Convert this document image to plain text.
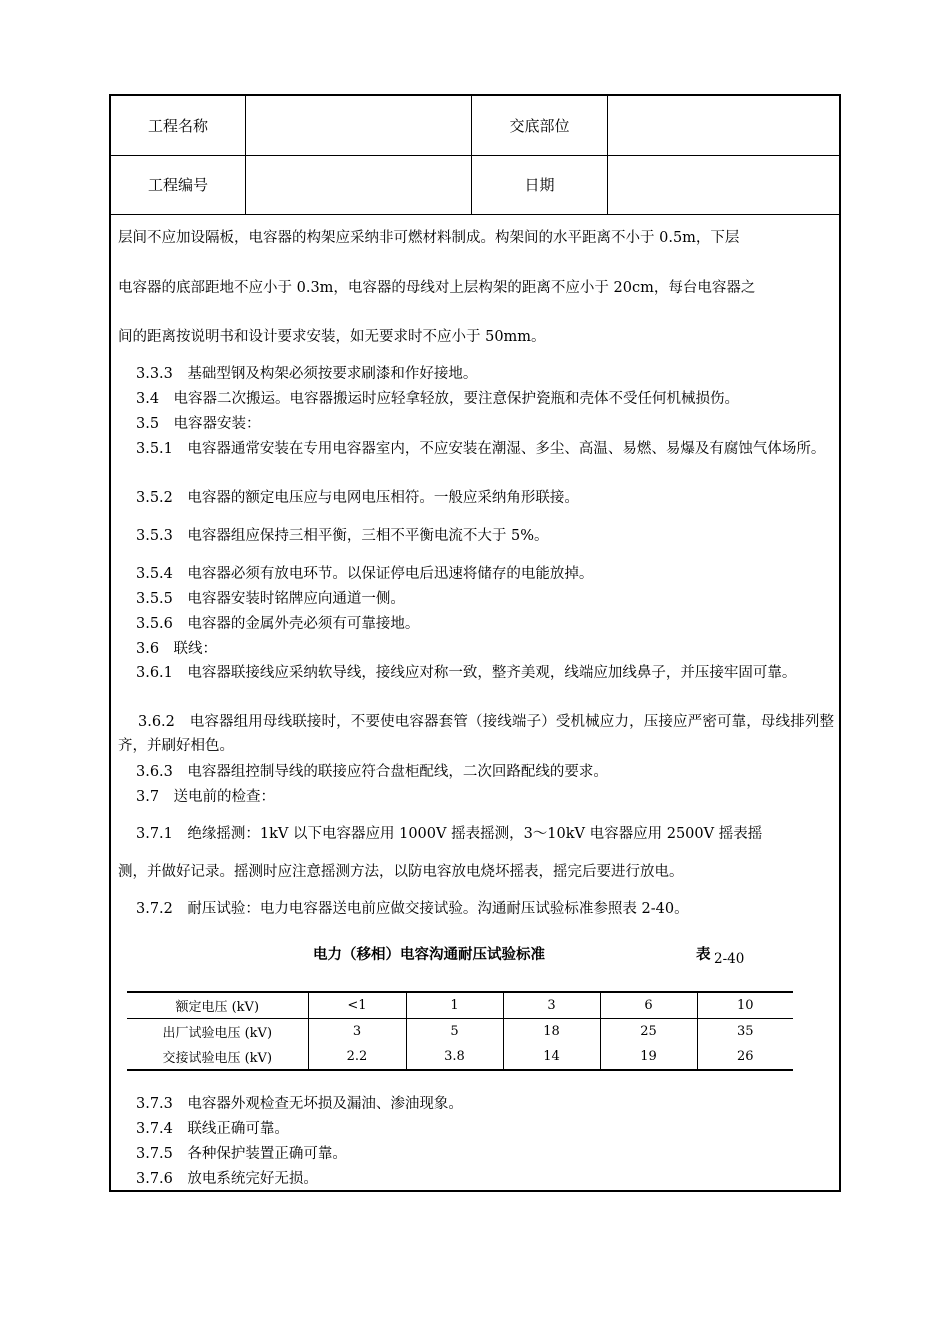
工程名称	交底部位
工程编号	日期

层间不应加设隔板，电容器的构架应采纳非可燃材料制成。构架间的水平距离不小于 0.5m，下层

电容器的底部距地不应小于 0.3m，电容器的母线对上层构架的距离不应小于 20cm，每台电容器之

间的距离按说明书和设计要求安装，如无要求时不应小于 50mm。

3.3.3　基础型钢及构架必须按要求刷漆和作好接地。

3.4　电容器二次搬运。电容器搬运时应轻拿轻放，要注意保护瓷瓶和壳体不受任何机械损伤。

3.5　电容器安装：

3.5.1　电容器通常安装在专用电容器室内，不应安装在潮湿、多尘、高温、易燃、易爆及有腐蚀气体场所。

3.5.2　电容器的额定电压应与电网电压相符。一般应采纳角形联接。

3.5.3　电容器组应保持三相平衡，三相不平衡电流不大于 5%。

3.5.4　电容器必须有放电环节。以保证停电后迅速将储存的电能放掉。

3.5.5　电容器安装时铭牌应向通道一侧。

3.5.6　电容器的金属外壳必须有可靠接地。

3.6　联线：

3.6.1　电容器联接线应采纳软导线，接线应对称一致，整齐美观，线端应加线鼻子，并压接牢固可靠。

3.6.2　电容器组用母线联接时，不要使电容器套管（接线端子）受机械应力，压接应严密可靠，母线排列整齐，并刷好相色。

3.6.3　电容器组控制导线的联接应符合盘柜配线，二次回路配线的要求。

3.7　送电前的检查：

3.7.1　绝缘摇测：1kV 以下电容器应用 1000V 摇表摇测，3～10kV 电容器应用 2500V 摇表摇

测，并做好记录。摇测时应注意摇测方法，以防电容放电烧坏摇表，摇完后要进行放电。

3.7.2　耐压试验：电力电容器送电前应做交接试验。沟通耐压试验标准参照表 2-40。

电力（移相）电容沟通耐压试验标准	表 2-40
额定电压 (kV)	<1	1	3	6	10
出厂试验电压 (kV)	3	5	18	25	35
交接试验电压 (kV)	2.2	3.8	14	19	26

3.7.3　电容器外观检查无坏损及漏油、渗油现象。

3.7.4　联线正确可靠。

3.7.5　各种保护装置正确可靠。

3.7.6　放电系统完好无损。
